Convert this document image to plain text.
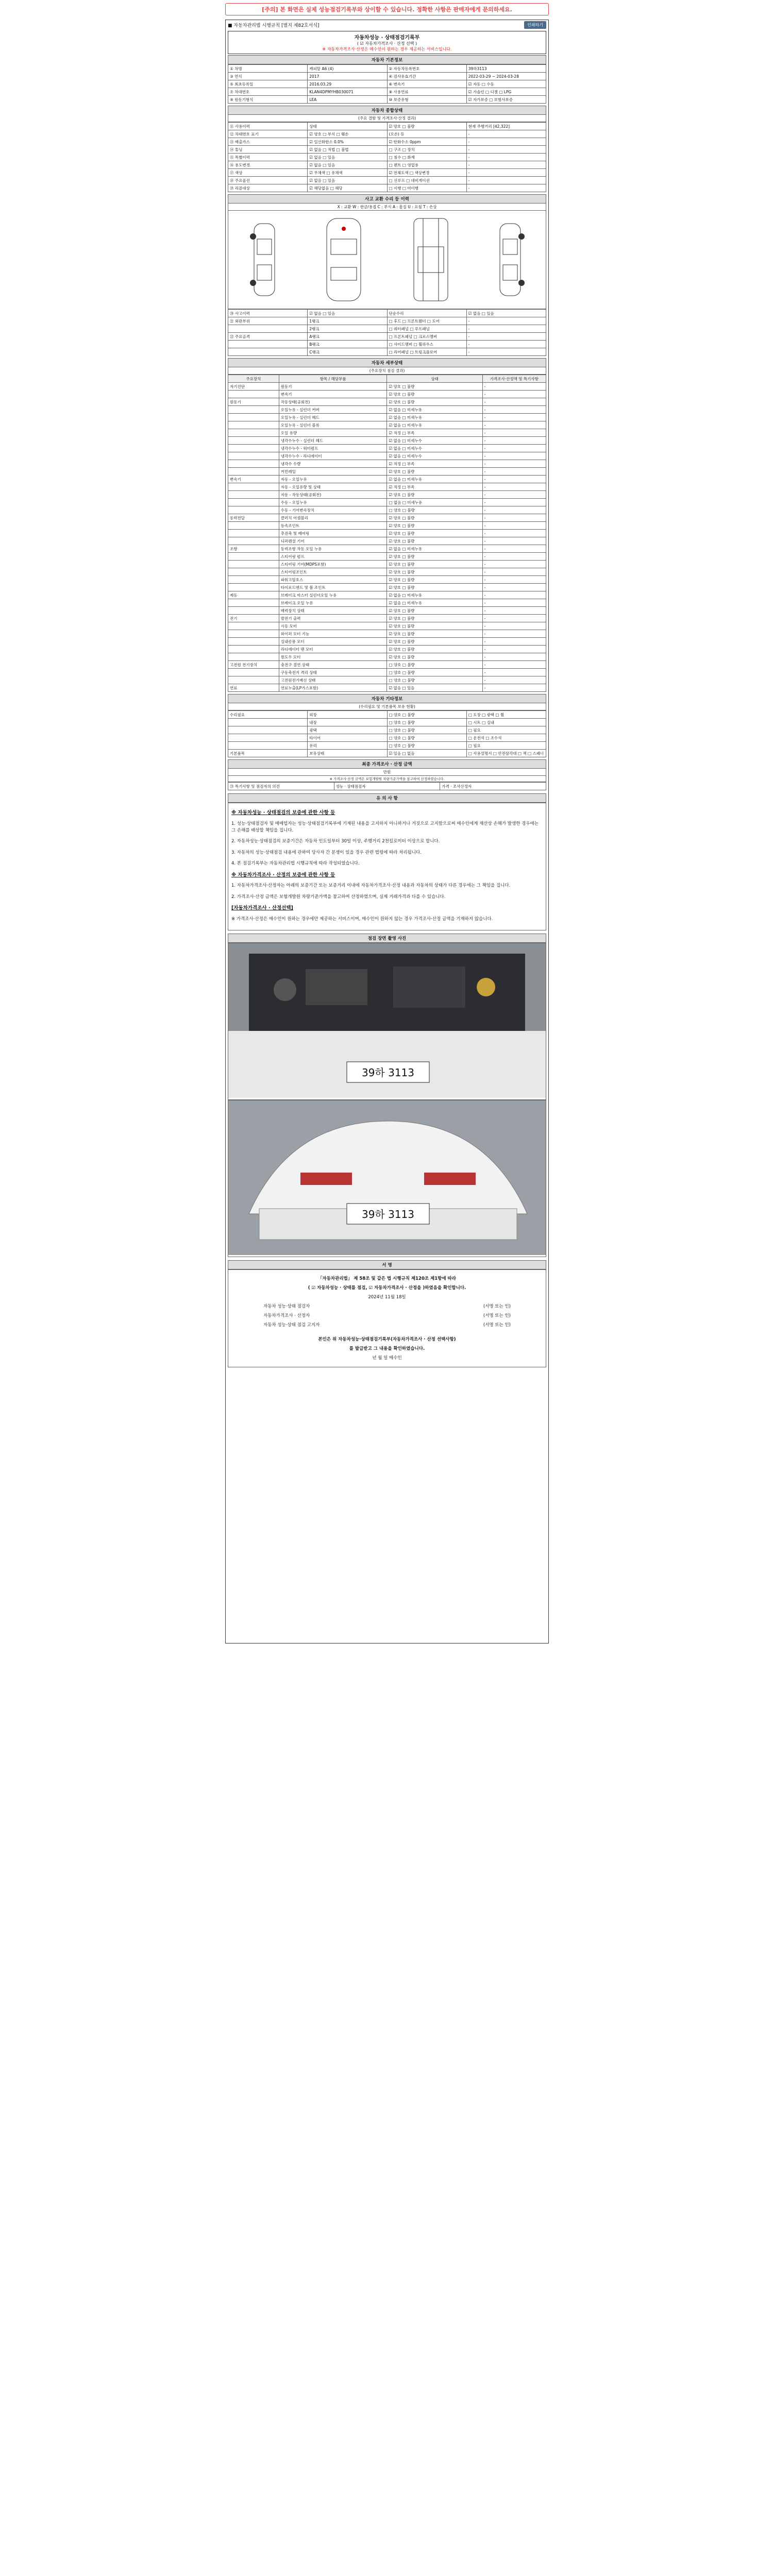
[주의] 본 화면은 실제 성능점검기록부와 상이할 수 있습니다. 정확한 사항은 판매자에게 문의하세요.
■ 자동차관리법 시행규칙 [별지 제82호서식]	인쇄하기
자동차성능 · 상태점검기록부
( ☑ 자동차가격조사 · 산정 선택 )
※ 자동차가격조사·산정은 매수인이 원하는 경우 제공하는 서비스입니다.
자동차 기본정보
① 차명	캐피탈 A6 (4)	② 자동차등록번호	39하3113
③ 연식	2017	④ 검사유효기간	2022-03-29 ~ 2024-03-28
⑤ 최초등록일	2016.03.29	⑥ 변속기	☑ 자동 □ 수동
⑦ 차대번호	KLAN4DPMYHB030071	⑧ 사용연료	☑ 가솔린 □ 디젤 □ LPG
⑨ 원동기형식	LEA	⑩ 보증유형	☑ 자가보증 □ 보험사보증
자동차 종합상태
(주요 결함 및 가격조사·산정 결과)
⑪ 사용이력	상태	☑ 양호 □ 불량	현재 주행거리 [42,322]
⑫ 차대번호 표기	☑ 양호 □ 부식 □ 훼손	(오손) 등	-
⑬ 배출가스	☑ 일산화탄소 0.0%	☑ 탄화수소 0ppm	-
⑭ 튜닝	☑ 없음 □ 적법 □ 불법	□ 구조 □ 장치	-
⑮ 특별이력	☑ 없음 □ 있음	□ 침수 □ 화재	-
⑯ 용도변경	☑ 없음 □ 있음	□ 렌트 □ 영업용	-
⑰ 색상	☑ 무채색 □ 유채색	☑ 전체도색 □ 색상변경	-
⑱ 주요옵션	☑ 없음 □ 있음	□ 선루프 □ 네비게이션	-
⑲ 리콜대상	☑ 해당없음 □ 해당	□ 이행 □ 미이행	-
사고 교환 수리 등 이력
X : 교환 W : 판금/용접 C : 부식 A : 흠집 U : 요철 T : 손상
⑳ 사고이력	☑ 없음 □ 있음	단순수리	☑ 없음 □ 있음
㉑ 외판부위	1랭크	□ 후드 □ 프론트휀더 □ 도어	-
	2랭크	□ 쿼터패널 □ 루프패널	-
㉒ 주요골격	A랭크	□ 프론트패널 □ 크로스멤버	-
	B랭크	□ 사이드멤버 □ 휠하우스	-
	C랭크	□ 리어패널 □ 트렁크플로어	-
자동차 세부상태
(주요장치 점검 결과)
주요장치	항목 / 해당부품	상태	가격조사·산정액 및 특기사항
자기진단	원동기	☑ 양호 □ 불량	-
	변속기	☑ 양호 □ 불량	-
원동기	작동상태(공회전)	☑ 양호 □ 불량	-
	오일누유 - 실린더 커버	☑ 없음 □ 미세누유	-
	오일누유 - 실린더 헤드	☑ 없음 □ 미세누유	-
	오일누유 - 실린더 블록	☑ 없음 □ 미세누유	-
	오일 유량	☑ 적정 □ 부족	-
	냉각수누수 - 실린더 헤드	☑ 없음 □ 미세누수	-
	냉각수누수 - 워터펌프	☑ 없음 □ 미세누수	-
	냉각수누수 - 라디에이터	☑ 없음 □ 미세누수	-
	냉각수 수량	☑ 적정 □ 부족	-
	커먼레일	☑ 양호 □ 불량	-
변속기	자동 - 오일누유	☑ 없음 □ 미세누유	-
	자동 - 오일유량 및 상태	☑ 적정 □ 부족	-
	자동 - 작동상태(공회전)	☑ 양호 □ 불량	-
	수동 - 오일누유	□ 없음 □ 미세누유	-
	수동 - 기어변속장치	□ 양호 □ 불량	-
동력전달	클러치 어셈블리	☑ 양호 □ 불량	-
	등속조인트	☑ 양호 □ 불량	-
	추진축 및 베어링	☑ 양호 □ 불량	-
	디퍼렌셜 기어	☑ 양호 □ 불량	-
조향	동력조향 작동 오일 누유	☑ 없음 □ 미세누유	-
	스티어링 펌프	☑ 양호 □ 불량	-
	스티어링 기어(MDPS포함)	☑ 양호 □ 불량	-
	스티어링조인트	☑ 양호 □ 불량	-
	파워고압호스	☑ 양호 □ 불량	-
	타이로드엔드 및 볼 조인트	☑ 양호 □ 불량	-
제동	브레이크 마스터 실린더오일 누유	☑ 없음 □ 미세누유	-
	브레이크 오일 누유	☑ 없음 □ 미세누유	-
	배력장치 상태	☑ 양호 □ 불량	-
전기	발전기 출력	☑ 양호 □ 불량	-
	시동 모터	☑ 양호 □ 불량	-
	와이퍼 모터 기능	☑ 양호 □ 불량	-
	실내송풍 모터	☑ 양호 □ 불량	-
	라디에이터 팬 모터	☑ 양호 □ 불량	-
	윈도우 모터	☑ 양호 □ 불량	-
고전원 전기장치	충전구 절연 상태	□ 양호 □ 불량	-
	구동축전지 격리 상태	□ 양호 □ 불량	-
	고전원전기배선 상태	□ 양호 □ 불량	-
연료	연료누출(LP가스포함)	☑ 없음 □ 있음	-
자동차 기타정보
(수리필요 및 기본품목 보유 현황)
수리필요	외장	□ 양호 □ 불량	□ 도장 □ 광택 □ 휠
	내장	□ 양호 □ 불량	□ 시트 □ 실내
	광택	□ 양호 □ 불량	□ 필요
	타이어	□ 양호 □ 불량	□ 운전석 □ 조수석
	유리	□ 양호 □ 불량	□ 필요
기본품목	보유상태	☑ 있음 □ 없음	□ 사용설명서 □ 안전삼각대 □ 잭 □ 스패너
최종 가격조사 · 산정 금액
만원
※ 가격조사·산정 금액은 보험개발원 차량기준가액을 참고하여 산정하였습니다.
㉓ 특기사항 및 점검자의 의견	성능 · 상태점검자	가격 · 조사산정자
유 의 사 항
※ 자동차성능 · 상태점검의 보증에 관한 사항 등

1. 성능·상태점검자 및 매매업자는 성능·상태점검기록부에 기재된 내용을 고지하지 아니하거나 거짓으로 고지함으로써 매수인에게 재산상 손해가 발생한 경우에는 그 손해를 배상할 책임을 집니다.

2. 자동차성능·상태점검의 보증기간은 자동차 인도일부터 30일 이상, 주행거리 2천킬로미터 이상으로 합니다.

3. 자동차의 성능·상태점검 내용에 관하여 당사자 간 분쟁이 있을 경우 관련 법령에 따라 처리됩니다.

4. 본 점검기록부는 자동차관리법 시행규칙에 따라 작성되었습니다.

※ 자동차가격조사 · 산정의 보증에 관한 사항 등

1. 자동차가격조사·산정자는 아래의 보증기간 또는 보증거리 이내에 자동차가격조사·산정 내용과 자동차의 상태가 다른 경우에는 그 책임을 집니다.

2. 가격조사·산정 금액은 보험개발원 차량기준가액을 참고하여 산정하였으며, 실제 거래가격과 다를 수 있습니다.

[자동차가격조사 · 산정선택]

※ 가격조사·산정은 매수인이 원하는 경우에만 제공하는 서비스이며, 매수인이 원하지 않는 경우 가격조사·산정 금액을 기재하지 않습니다.

점검 장면 촬영 사진
39하 3113
39하 3113
서 명
「자동차관리법」 제 58조 및 같은 법 시행규칙 제120조 제1항에 따라
( ☑ 자동차성능 · 상태를 점검, ☑ 자동차가격조사 · 산정을 )하였음을 확인합니다.
2024년 11월 18일
자동차 성능·상태 점검자	(서명 또는 인)
자동차가격조사 · 산정자	(서명 또는 인)
자동차 성능·상태 점검 고지자	(서명 또는 인)
본인은 위 자동차성능·상태점검기록부(자동차가격조사 · 산정 선택사항)
를 발급받고 그 내용을 확인하였습니다.
년 월 일 매수인
